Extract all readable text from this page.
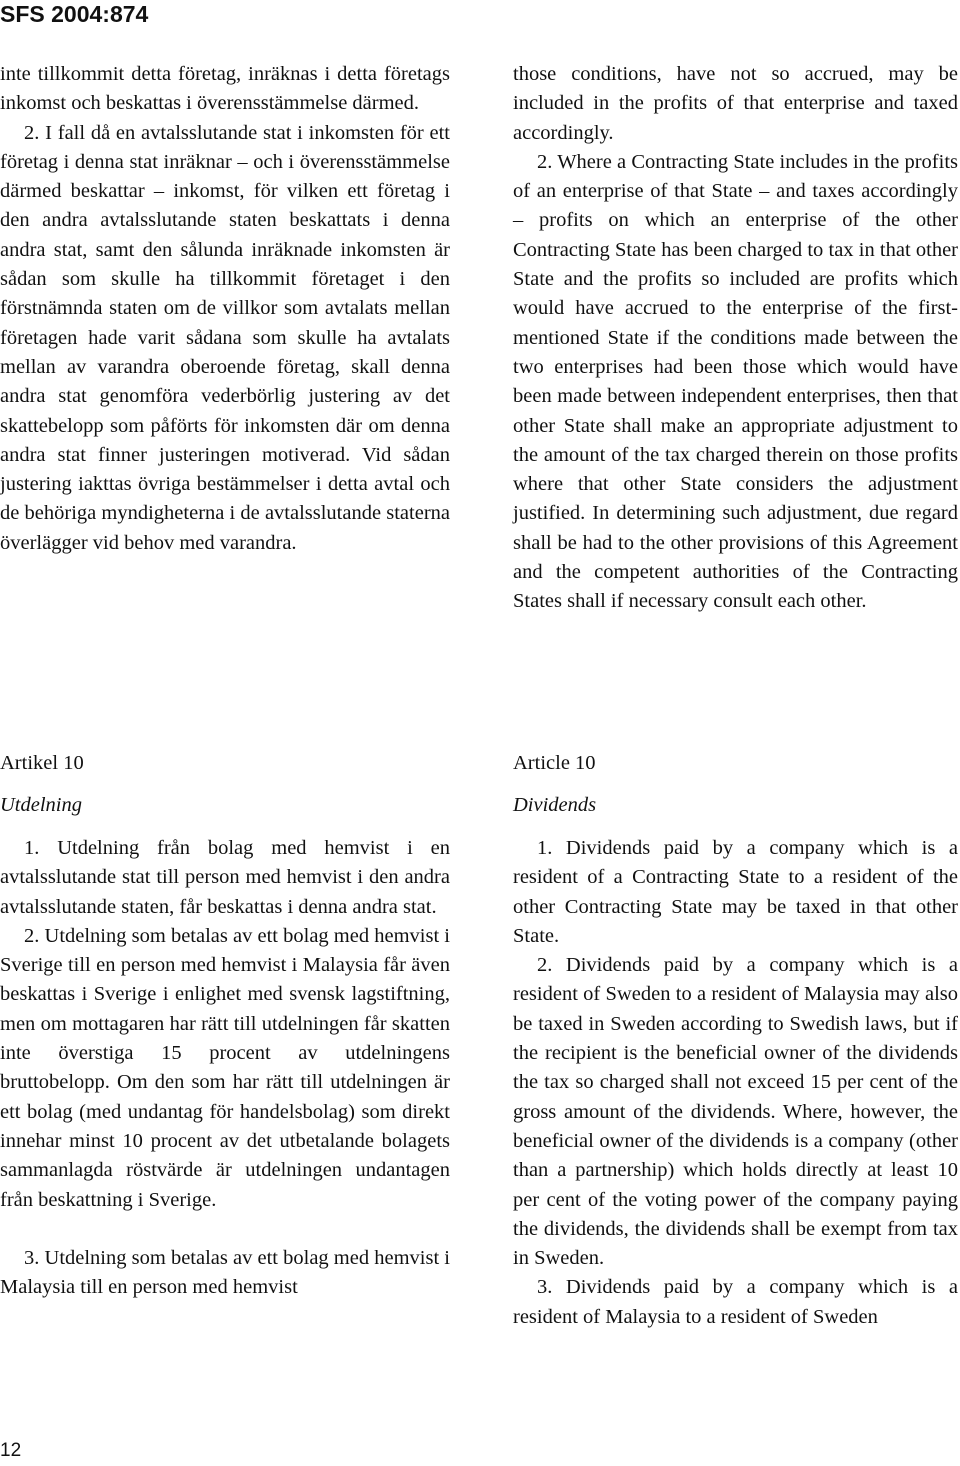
SFS 2004:874

inte tillkommit detta företag, inräknas i detta företags inkomst och beskattas i överensstämmelse därmed.

2. I fall då en avtalsslutande stat i inkomsten för ett företag i denna stat inräknar – och i överensstämmelse därmed beskattar – inkomst, för vilken ett företag i den andra avtalsslutande staten beskattats i denna andra stat, samt den sålunda inräknade inkomsten är sådan som skulle ha tillkommit företaget i den förstnämnda staten om de villkor som avtalats mellan företagen hade varit sådana som skulle ha avtalats mellan av varandra oberoende företag, skall denna andra stat genomföra vederbörlig justering av det skattebelopp som påförts för inkomsten där om denna andra stat finner justeringen motiverad. Vid sådan justering iakttas övriga bestämmelser i detta avtal och de behöriga myndigheterna i de avtalsslutande staterna överlägger vid behov med varandra.

those conditions, have not so accrued, may be included in the profits of that enterprise and taxed accordingly.

2. Where a Contracting State includes in the profits of an enterprise of that State – and taxes accordingly – profits on which an enterprise of the other Contracting State has been charged to tax in that other State and the profits so included are profits which would have accrued to the enterprise of the first-mentioned State if the conditions made between the two enterprises had been those which would have been made between independent enterprises, then that other State shall make an appropriate adjustment to the amount of the tax charged therein on those profits where that other State considers the adjustment justified. In determining such adjustment, due regard shall be had to the other provisions of this Agreement and the competent authorities of the Contracting States shall if necessary consult each other.

Artikel 10
Utdelning

1. Utdelning från bolag med hemvist i en avtalsslutande stat till person med hemvist i den andra avtalsslutande staten, får beskattas i denna andra stat.

2. Utdelning som betalas av ett bolag med hemvist i Sverige till en person med hemvist i Malaysia får även beskattas i Sverige i enlighet med svensk lagstiftning, men om mottagaren har rätt till utdelningen får skatten inte överstiga 15 procent av utdelningens bruttobelopp. Om den som har rätt till utdelningen är ett bolag (med undantag för handelsbolag) som direkt innehar minst 10 procent av det utbetalande bolagets sammanlagda röstvärde är utdelningen undantagen från beskattning i Sverige.

3. Utdelning som betalas av ett bolag med hemvist i Malaysia till en person med hemvist

Article 10
Dividends

1. Dividends paid by a company which is a resident of a Contracting State to a resident of the other Contracting State may be taxed in that other State.

2. Dividends paid by a company which is a resident of Sweden to a resident of Malaysia may also be taxed in Sweden according to Swedish laws, but if the recipient is the beneficial owner of the dividends the tax so charged shall not exceed 15 per cent of the gross amount of the dividends. Where, however, the beneficial owner of the dividends is a company (other than a partnership) which holds directly at least 10 per cent of the voting power of the company paying the dividends, the dividends shall be exempt from tax in Sweden.

3. Dividends paid by a company which is a resident of Malaysia to a resident of Sweden

12
